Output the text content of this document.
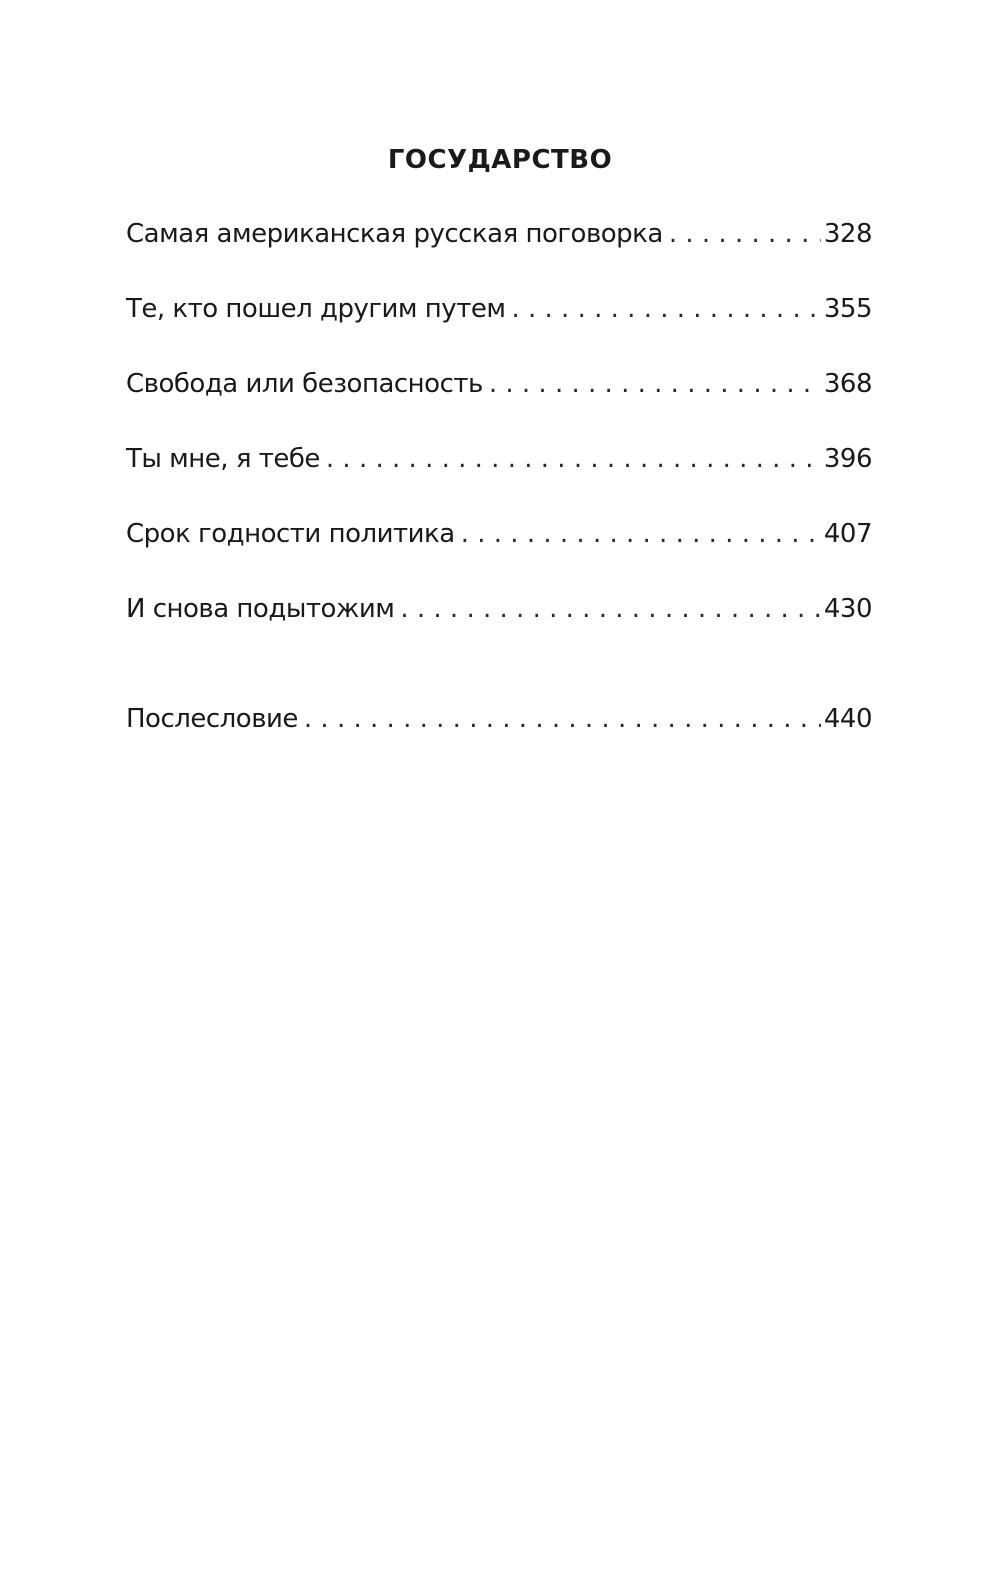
ГОСУДАРСТВО
Самая американская русская поговорка . . .	328
Те, кто пошел другим путем . . .	355
Свобода или безопасность . . .	368
Ты мне, я тебе . . .	396
Срок годности политика . . .	407
И снова подытожим . . .	430
Послесловие . . .	440
